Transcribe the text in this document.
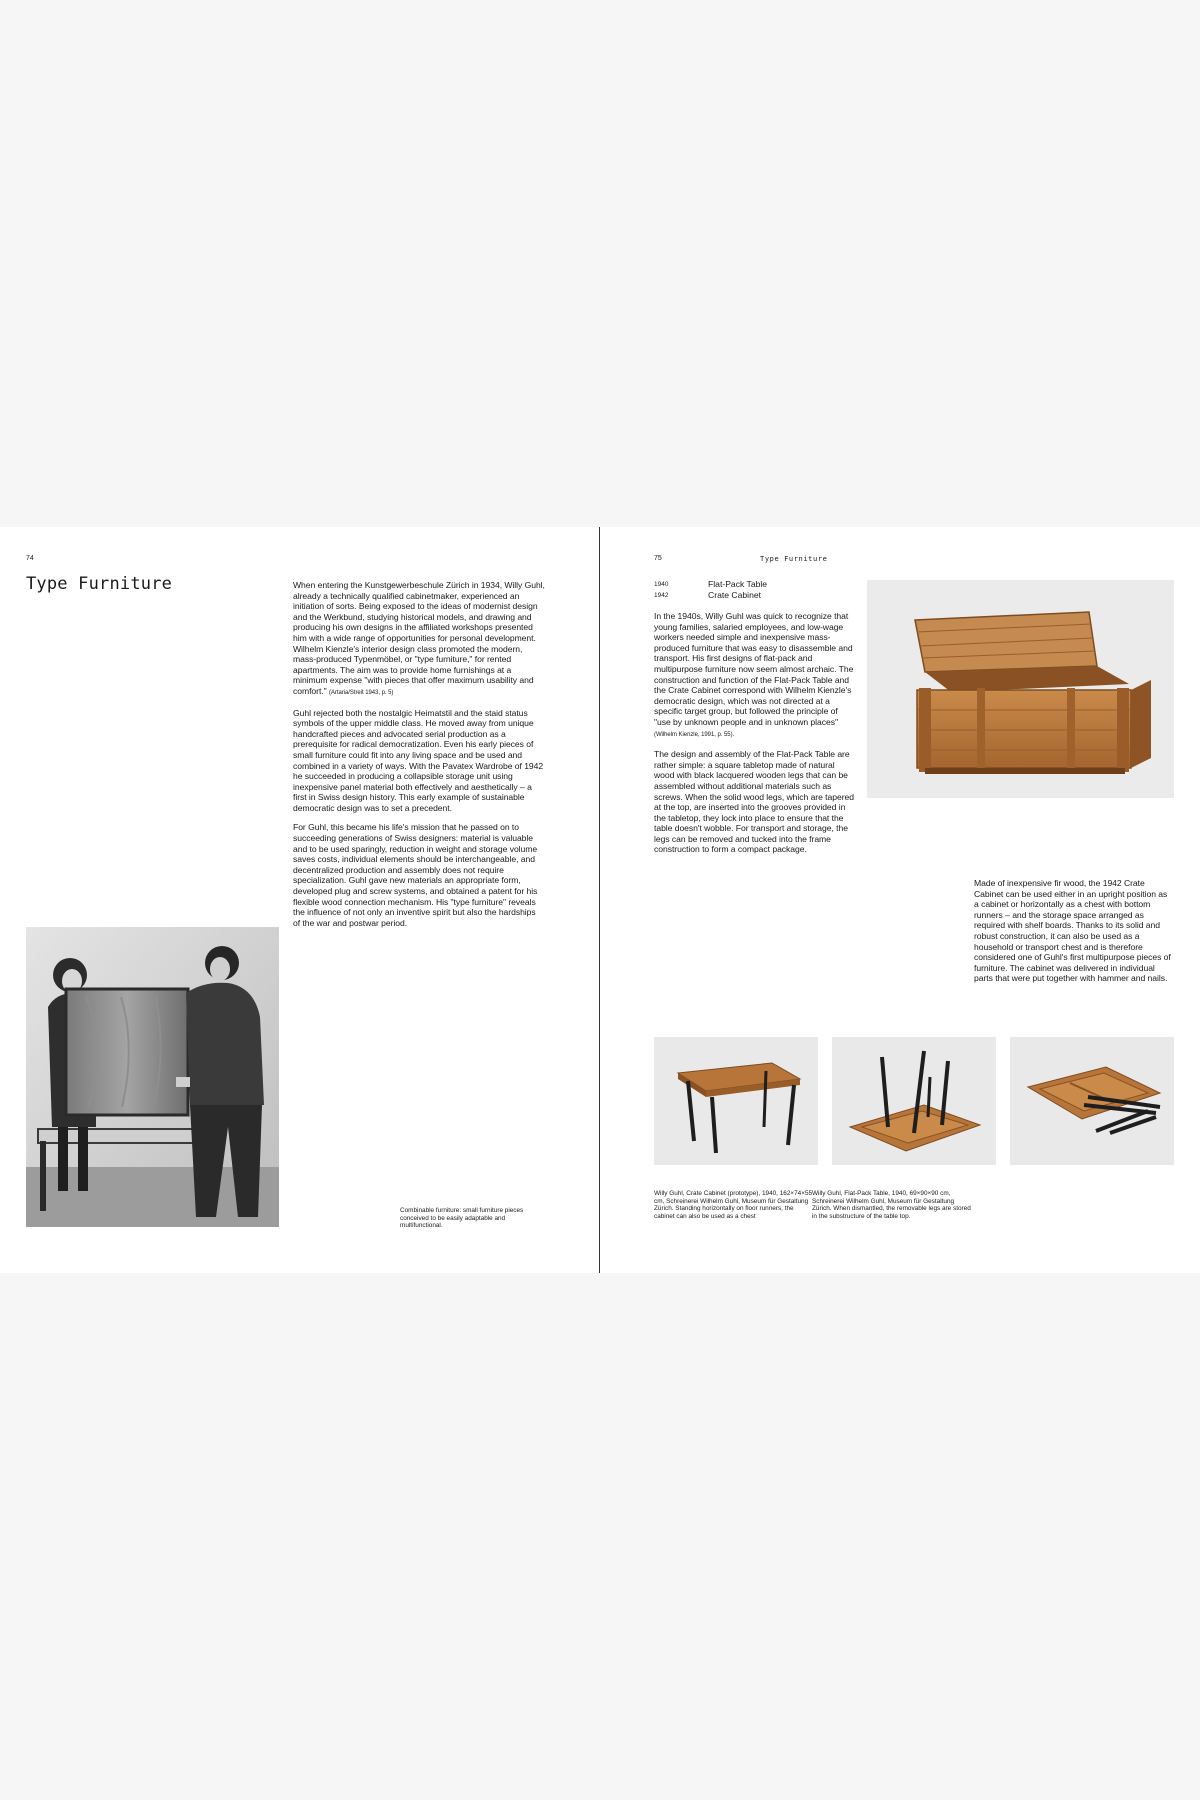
74
Type Furniture	When entering the Kunstgewerbeschule Zürich in 1934, Willy Guhl, already a technically qualified cabinetmaker, experienced an initiation of sorts. Being exposed to the ideas of modernist design and the Werkbund, studying historical models, and drawing and producing his own designs in the affiliated workshops presented him with a wide range of opportunities for personal development. Wilhelm Kienzle's interior design class promoted the modern, mass-produced Typenmöbel, or "type furniture," for rented apartments. The aim was to provide home furnishings at a minimum expense "with pieces that offer maximum usability and comfort." (Artaria/Streit 1943, p. 5)

Guhl rejected both the nostalgic Heimatstil and the staid status symbols of the upper middle class. He moved away from unique handcrafted pieces and advocated serial production as a prerequisite for radical democratization. Even his early pieces of small furniture could fit into any living space and be used and combined in a variety of ways. With the Pavatex Wardrobe of 1942 he succeeded in producing a collapsible storage unit using inexpensive panel material both effectively and aesthetically – a first in Swiss design history. This early example of sustainable democratic design was to set a precedent.

For Guhl, this became his life's mission that he passed on to succeeding generations of Swiss designers: material is valuable and to be used sparingly, reduction in weight and storage volume saves costs, individual elements should be interchangeable, and decentralized production and assembly does not require specialization. Guhl gave new materials an appropriate form, developed plug and screw systems, and obtained a patent for his flexible wood connection mechanism. His "type furniture" reveals the influence of not only an inventive spirit but also the hardships of the war and postwar period.

Combinable furniture: small furniture pieces conceived to be easily adaptable and multifunctional.

75	Type Furniture
1940	Flat-Pack Table
1942	Crate Cabinet

In the 1940s, Willy Guhl was quick to recognize that young families, salaried employees, and low-wage workers needed simple and inexpensive mass-produced furniture that was easy to disassemble and transport. His first designs of flat-pack and multipurpose furniture now seem almost archaic. The construction and function of the Flat-Pack Table and the Crate Cabinet correspond with Wilhelm Kienzle's democratic design, which was not directed at a specific target group, but followed the principle of "use by unknown people and in unknown places" (Wilhelm Kienzle, 1991, p. 55).

The design and assembly of the Flat-Pack Table are rather simple: a square tabletop made of natural wood with black lacquered wooden legs that can be assembled without additional materials such as screws. When the solid wood legs, which are tapered at the top, are inserted into the grooves provided in the tabletop, they lock into place to ensure that the table doesn't wobble. For transport and storage, the legs can be removed and tucked into the frame construction to form a compact package.

Made of inexpensive fir wood, the 1942 Crate Cabinet can be used either in an upright position as a cabinet or horizontally as a chest with bottom runners – and the storage space arranged as required with shelf boards. Thanks to its solid and robust construction, it can also be used as a household or transport chest and is therefore considered one of Guhl's first multipurpose pieces of furniture. The cabinet was delivered in individual parts that were put together with hammer and nails.

Willy Guhl, Crate Cabinet (prototype), 1940, 162×74×55 cm, Schreinerei Wilhelm Guhl, Museum für Gestaltung Zürich. Standing horizontally on floor runners, the cabinet can also be used as a chest

Willy Guhl, Flat-Pack Table, 1940, 69×90×90 cm, Schreinerei Wilhelm Guhl, Museum für Gestaltung Zürich. When dismantled, the removable legs are stored in the substructure of the table top.
